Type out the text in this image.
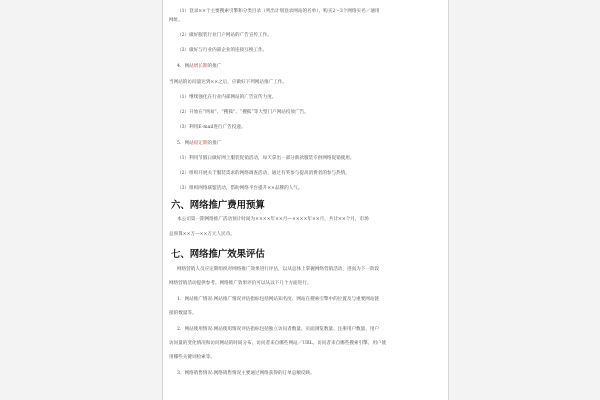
（1）登录××个主要搜索引擎和分类目录（列出计划登录网站的名单），购买2～3个网络实名／通用
网址。
（2）做好服装行业门户网站的广告宣传工作。
（3）做好与行业内部企业的连接互换工作。
4．网站增长期的推广
当网站的访问量达到××之后，应做好下列网站推广工作。
（1）继续强化在行业内部网站的广告宣传力度。
（2）开始在“网易”、“搜狐”、“搜狐”等大型门户网站投放广告。
（3）利用E-mail进行广告投递。
5．网站稳定期的推广
（1）利用节假日做好网上服装促销活动，每天拿出一部分新款服装专供网络促销使用。
（2）组织开展关于服装需求的网络调查活动，通过有奖参与提高消费者的参与热情。
（3）组织网络联盟活动，借助网络平台提升××品牌的人气。
六、网络推广费用预算
本公司第一期网络推广活动预计时间为××××年××月—××××年××月，共计××个月，市场
总预算××万—××万元人民币。
七、网络推广效果评估
网络营销人员应定期组织对网络推广效果进行评估，以从总体上掌握网络营销活动，进而为下一阶段
网络营销活动提供参考。网络推广效果评价可以从以下几个方面进行。
1．网站推广情况:网站推广情况评估指标包括网站知名度、网站在搜索引擎中的位置及与重要网站链
接的数量等。
2．网站使用情况:网站使用情况评估指标包括独立访问者数量、页面浏览数量、注册用户数量、用户
访问量的变化情况和访问网站的时间分布、访问者来自哪些网站／URL、访问者来自哪些搜索引擎、用户使
用哪些关键词检索等。
3．网络销售情况:网络销售情况主要通过网络获得的订单总额反映。
